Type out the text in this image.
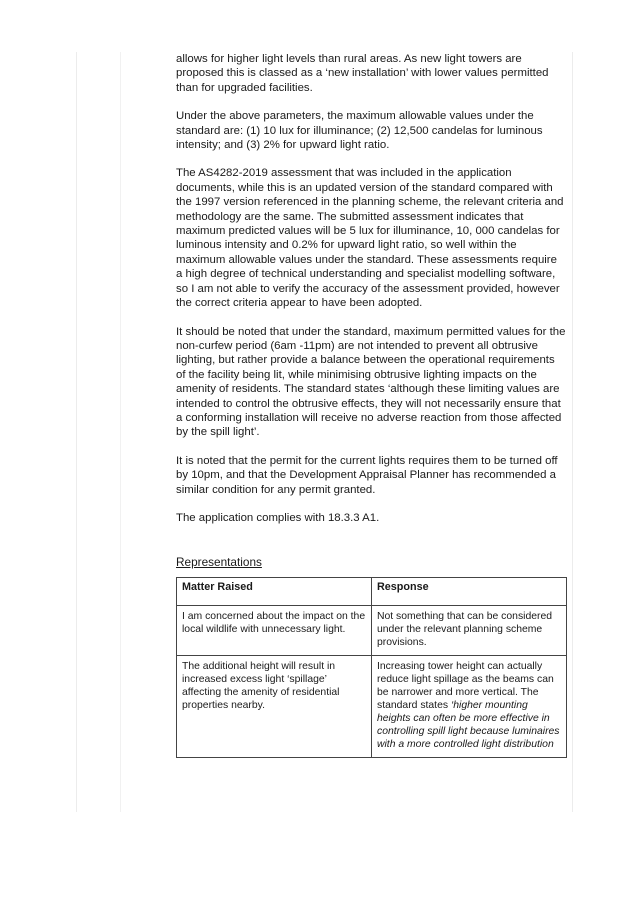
allows for higher light levels than rural areas. As new light towers are proposed this is classed as a ‘new installation’ with lower values permitted than for upgraded facilities.

Under the above parameters, the maximum allowable values under the standard are: (1) 10 lux for illuminance; (2) 12,500 candelas for luminous intensity; and (3) 2% for upward light ratio.

The AS4282-2019 assessment that was included in the application documents, while this is an updated version of the standard compared with the 1997 version referenced in the planning scheme, the relevant criteria and methodology are the same. The submitted assessment indicates that maximum predicted values will be 5 lux for illuminance, 10, 000 candelas for luminous intensity and 0.2% for upward light ratio, so well within the maximum allowable values under the standard. These assessments require a high degree of technical understanding and specialist modelling software, so I am not able to verify the accuracy of the assessment provided, however the correct criteria appear to have been adopted.

It should be noted that under the standard, maximum permitted values for the non-curfew period (6am -11pm) are not intended to prevent all obtrusive lighting, but rather provide a balance between the operational requirements of the facility being lit, while minimising obtrusive lighting impacts on the amenity of residents. The standard states ‘although these limiting values are intended to control the obtrusive effects, they will not necessarily ensure that a conforming installation will receive no adverse reaction from those affected by the spill light’.

It is noted that the permit for the current lights requires them to be turned off by 10pm, and that the Development Appraisal Planner has recommended a similar condition for any permit granted.

The application complies with 18.3.3 A1.

Representations
Matter Raised	Response
I am concerned about the impact on the local wildlife with unnecessary light.	Not something that can be considered under the relevant planning scheme provisions.
The additional height will result in increased excess light ‘spillage’ affecting the amenity of residential properties nearby.	Increasing tower height can actually reduce light spillage as the beams can be narrower and more vertical. The standard states ‘higher mounting heights can often be more effective in controlling spill light because luminaires with a more controlled light distribution
